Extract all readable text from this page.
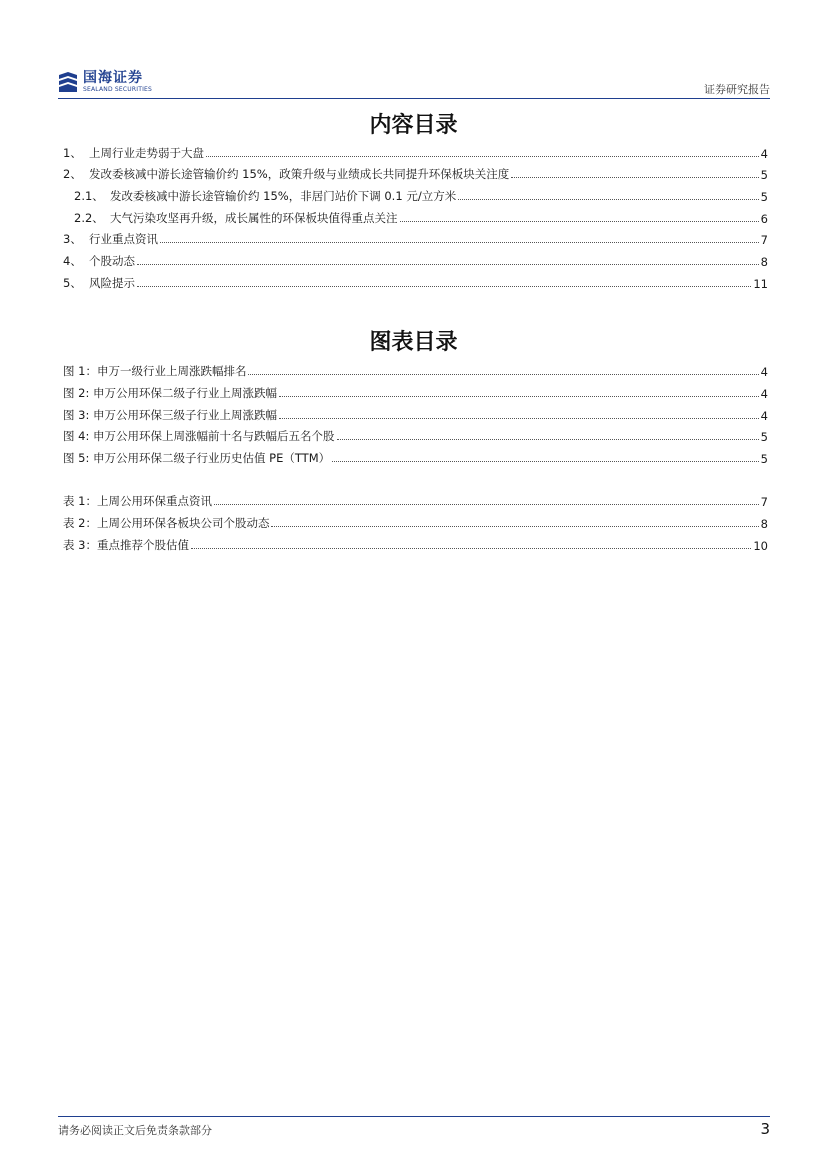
国海证券
SEALAND SECURITIES	证券研究报告
内容目录
1、 上周行业走势弱于大盘	4
2、 发改委核减中游长途管输价约 15%，政策升级与业绩成长共同提升环保板块关注度	5
2.1、 发改委核减中游长途管输价约 15%，非居门站价下调 0.1 元/立方米	5
2.2、 大气污染攻坚再升级，成长属性的环保板块值得重点关注	6
3、 行业重点资讯	7
4、 个股动态	8
5、 风险提示	11
图表目录
图 1：申万一级行业上周涨跌幅排名	4
图 2: 申万公用环保二级子行业上周涨跌幅	4
图 3: 申万公用环保三级子行业上周涨跌幅	4
图 4: 申万公用环保上周涨幅前十名与跌幅后五名个股	5
图 5: 申万公用环保二级子行业历史估值 PE（TTM）	5
表 1：上周公用环保重点资讯	7
表 2：上周公用环保各板块公司个股动态	8
表 3：重点推荐个股估值	10
请务必阅读正文后免责条款部分	3
